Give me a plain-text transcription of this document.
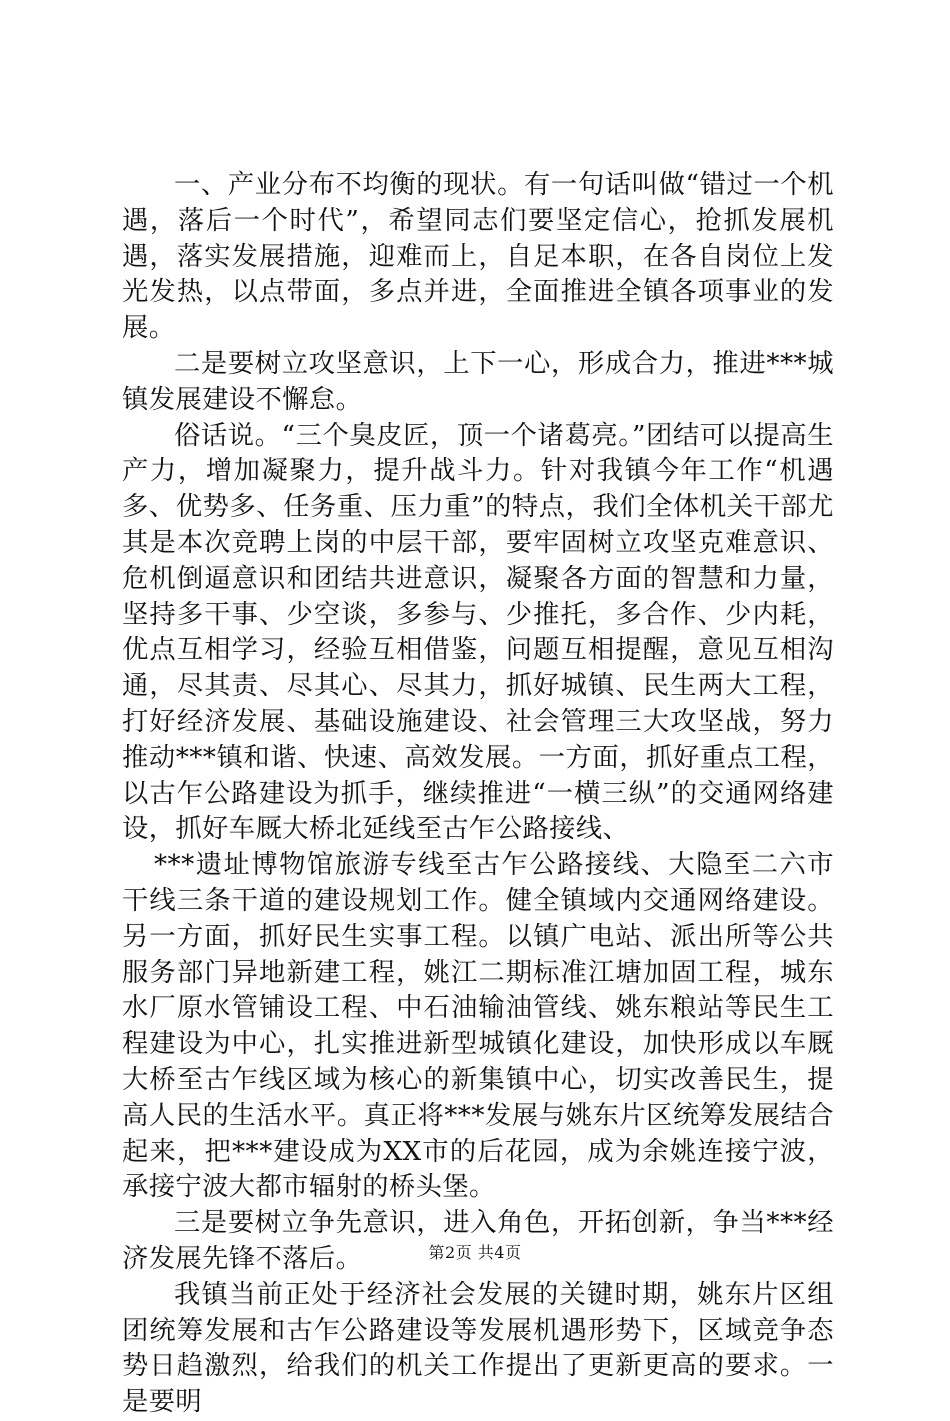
一、产业分布不均衡的现状。有一句话叫做“错过一个机遇，落后一个时代”，希望同志们要坚定信心，抢抓发展机遇，落实发展措施，迎难而上，自足本职，在各自岗位上发光发热，以点带面，多点并进，全面推进全镇各项事业的发展。

二是要树立攻坚意识，上下一心，形成合力，推进***城镇发展建设不懈怠。

俗话说。“三个臭皮匠，顶一个诸葛亮。”团结可以提高生产力，增加凝聚力，提升战斗力。针对我镇今年工作“机遇多、优势多、任务重、压力重”的特点，我们全体机关干部尤其是本次竞聘上岗的中层干部，要牢固树立攻坚克难意识、危机倒逼意识和团结共进意识，凝聚各方面的智慧和力量，坚持多干事、少空谈，多参与、少推托，多合作、少内耗，优点互相学习，经验互相借鉴，问题互相提醒，意见互相沟通，尽其责、尽其心、尽其力，抓好城镇、民生两大工程，打好经济发展、基础设施建设、社会管理三大攻坚战，努力推动***镇和谐、快速、高效发展。一方面，抓好重点工程，以古乍公路建设为抓手，继续推进“一横三纵”的交通网络建设，抓好车厩大桥北延线至古乍公路接线、

***遗址博物馆旅游专线至古乍公路接线、大隐至二六市干线三条干道的建设规划工作。健全镇域内交通网络建设。另一方面，抓好民生实事工程。以镇广电站、派出所等公共服务部门异地新建工程，姚江二期标准江塘加固工程，城东水厂原水管铺设工程、中石油输油管线、姚东粮站等民生工程建设为中心，扎实推进新型城镇化建设，加快形成以车厩大桥至古乍线区域为核心的新集镇中心，切实改善民生，提高人民的生活水平。真正将***发展与姚东片区统筹发展结合起来，把***建设成为XX市的后花园，成为余姚连接宁波，承接宁波大都市辐射的桥头堡。

三是要树立争先意识，进入角色，开拓创新，争当***经济发展先锋不落后。

我镇当前正处于经济社会发展的关键时期，姚东片区组团统筹发展和古乍公路建设等发展机遇形势下，区域竞争态势日趋激烈，给我们的机关工作提出了更新更高的要求。一是要明

第2页 共4页
